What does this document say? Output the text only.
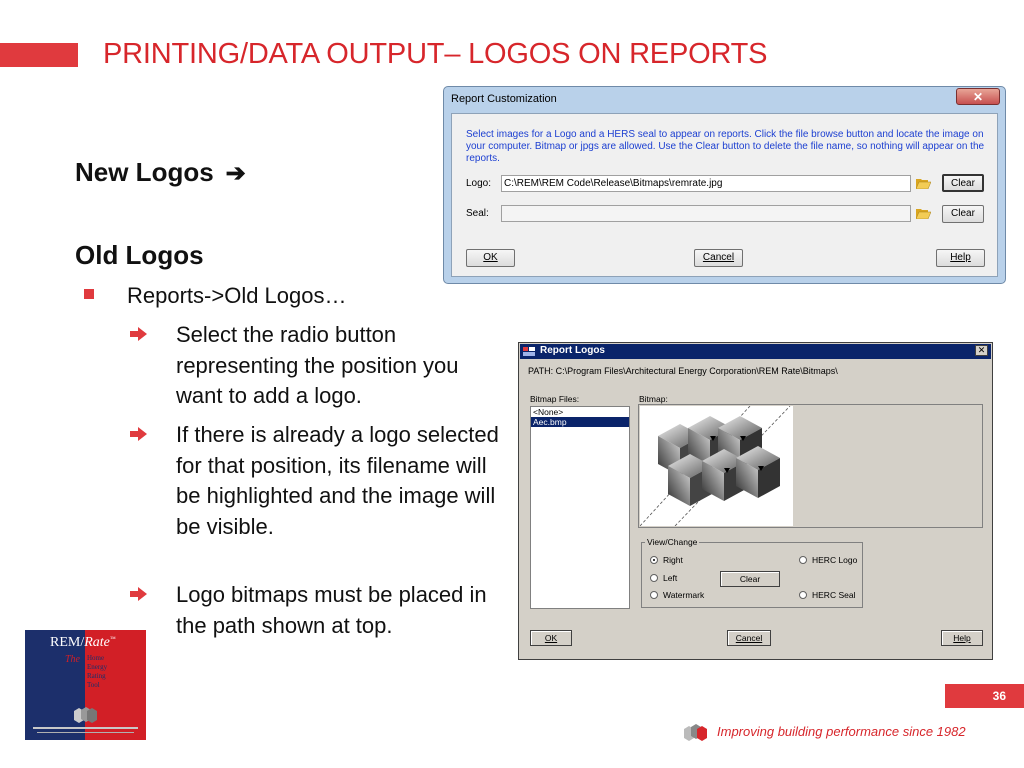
PRINTING/DATA OUTPUT– LOGOS ON REPORTS
New Logos ➔
Old Logos
Reports->Old Logos…
Select the radio button representing the position you want to add a logo.
If there is already a logo selected for that position, its filename will be highlighted and the image will be visible.
Logo bitmaps must be placed in the path shown at top.
Report Customization	✕
Select images for a Logo and a HERS seal to appear on reports. Click the file browse button and locate the image on your computer. Bitmap or jpgs are allowed. Use the Clear button to delete the file name, so nothing will appear on the reports.
Logo:	C:\REM\REM Code\Release\Bitmaps\remrate.jpg	Clear
Seal:	Clear
OK	Cancel	Help
Report Logos	✕
PATH: C:\Program Files\Architectural Energy Corporation\REM Rate\Bitmaps\
Bitmap Files:	Bitmap:
<None>
Aec.bmp
View/Change
Right
Left
Watermark
HERC Logo
HERC Seal
Clear
OK	Cancel	Help
REM/Rate™
The Home
Energy
Rating
Tool
36
Improving building performance since 1982
